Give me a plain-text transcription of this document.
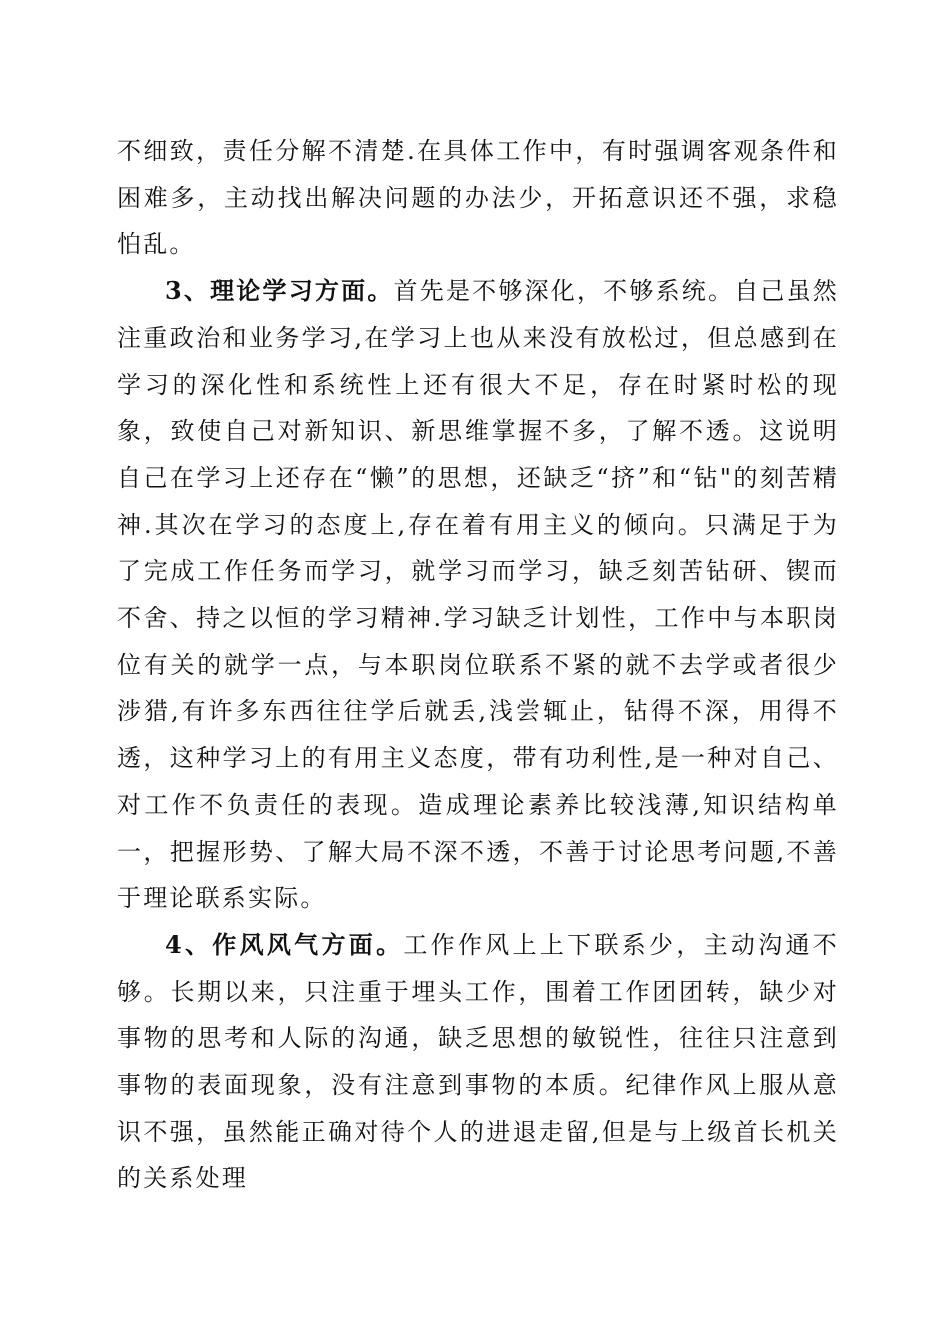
不细致，责任分解不清楚.在具体工作中，有时强调客观条件和困难多，主动找出解决问题的办法少，开拓意识还不强，求稳怕乱。

3、理论学习方面。首先是不够深化，不够系统。自己虽然注重政治和业务学习,在学习上也从来没有放松过，但总感到在学习的深化性和系统性上还有很大不足，存在时紧时松的现象，致使自己对新知识、新思维掌握不多，了解不透。这说明自己在学习上还存在“懒”的思想，还缺乏“挤”和“钻"的刻苦精神.其次在学习的态度上,存在着有用主义的倾向。只满足于为了完成工作任务而学习，就学习而学习，缺乏刻苦钻研、锲而不舍、持之以恒的学习精神.学习缺乏计划性，工作中与本职岗位有关的就学一点，与本职岗位联系不紧的就不去学或者很少涉猎,有许多东西往往学后就丢,浅尝辄止，钻得不深，用得不透，这种学习上的有用主义态度，带有功利性,是一种对自己、对工作不负责任的表现。造成理论素养比较浅薄,知识结构单一，把握形势、了解大局不深不透，不善于讨论思考问题,不善于理论联系实际。

4、作风风气方面。工作作风上上下联系少，主动沟通不够。长期以来，只注重于埋头工作，围着工作团团转，缺少对事物的思考和人际的沟通，缺乏思想的敏锐性，往往只注意到事物的表面现象，没有注意到事物的本质。纪律作风上服从意识不强，虽然能正确对待个人的进退走留,但是与上级首长机关的关系处理
